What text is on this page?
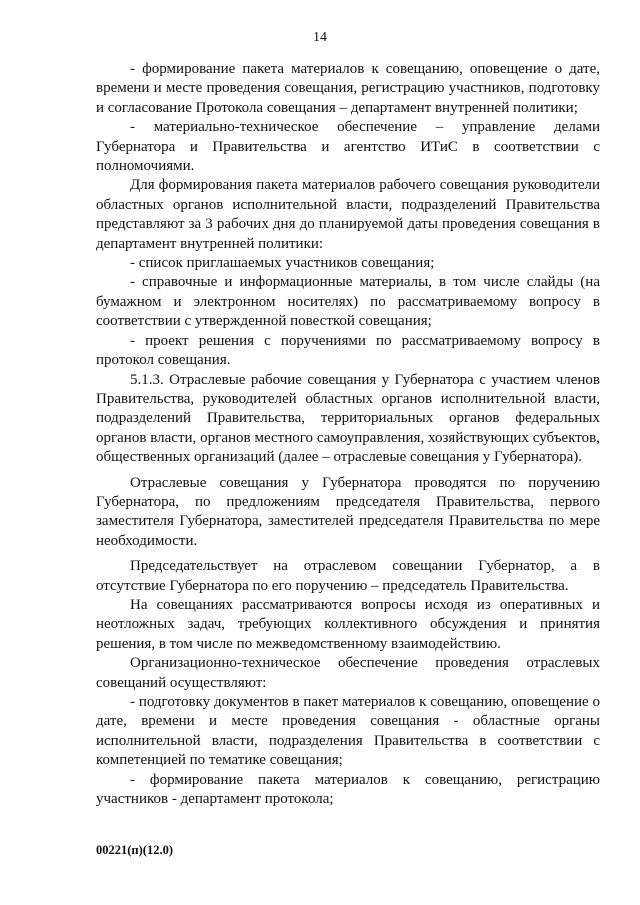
14

- формирование пакета материалов к совещанию, оповещение о дате, времени и месте проведения совещания, регистрацию участников, подготовку и согласование Протокола совещания – департамент внутренней политики;

- материально-техническое обеспечение – управление делами Губернатора и Правительства и агентство ИТиС в соответствии с полномочиями.

Для формирования пакета материалов рабочего совещания руководители областных органов исполнительной власти, подразделений Правительства представляют за 3 рабочих дня до планируемой даты проведения совещания в департамент внутренней политики:

- список приглашаемых участников совещания;

- справочные и информационные материалы, в том числе слайды (на бумажном и электронном носителях) по рассматриваемому вопросу в соответствии с утвержденной повесткой совещания;

- проект решения с поручениями по рассматриваемому вопросу в протокол совещания.

5.1.3. Отраслевые рабочие совещания у Губернатора с участием членов Правительства, руководителей областных органов исполнительной власти, подразделений Правительства, территориальных органов федеральных органов власти, органов местного самоуправления, хозяйствующих субъектов, общественных организаций (далее – отраслевые совещания у Губернатора).

Отраслевые совещания у Губернатора проводятся по поручению Губернатора, по предложениям председателя Правительства, первого заместителя Губернатора, заместителей председателя Правительства по мере необходимости.

Председательствует на отраслевом совещании Губернатор, а в отсутствие Губернатора по его поручению – председатель Правительства.

На совещаниях рассматриваются вопросы исходя из оперативных и неотложных задач, требующих коллективного обсуждения и принятия решения, в том числе по межведомственному взаимодействию.

Организационно-техническое обеспечение проведения отраслевых совещаний осуществляют:

- подготовку документов в пакет материалов к совещанию, оповещение о дате, времени и месте проведения совещания - областные органы исполнительной власти, подразделения Правительства в соответствии с компетенцией по тематике совещания;

- формирование пакета материалов к совещанию, регистрацию участников - департамент протокола;

00221(п)(12.0)
